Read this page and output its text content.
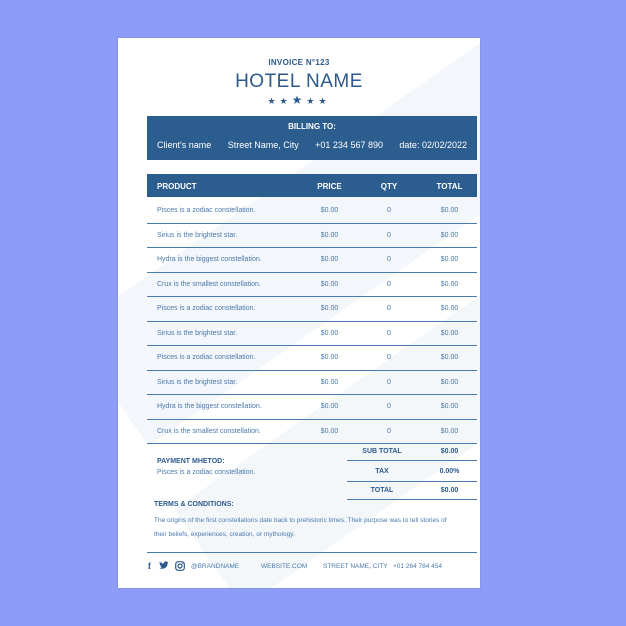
INVOICE N°123
HOTEL NAME
★★★★★
BILLING TO:
Client's name Street Name, City +01 234 567 890 date: 02/02/2022
PRODUCT	PRICE	QTY	TOTAL
Pisces is a zodiac constellation.	$0.00	0	$0.00
Sirius is the brightest star.	$0.00	0	$0.00
Hydra is the biggest constellation.	$0.00	0	$0.00
Crux is the smallest constellation.	$0.00	0	$0.00
Pisces is a zodiac constellation.	$0.00	0	$0.00
Sirius is the brightest star.	$0.00	0	$0.00
Pisces is a zodiac constellation.	$0.00	0	$0.00
Sirius is the brightest star.	$0.00	0	$0.00
Hydra is the biggest constellation.	$0.00	0	$0.00
Crux is the smallest constellation.	$0.00	0	$0.00
PAYMENT MHETOD:
Pisces is a zodiac constellation.
SUB TOTAL	$0.00
TAX	0.00%
TOTAL	$0.00
TERMS & CONDITIONS:
The origins of the first constellations date back to prehistoric times. Their purpose was to tell stories of their beliefs, experiences, creation, or mythology.
f	@BRANDNAME	WEBSITE.COM STREET NAME, CITY +01 264 784 454
